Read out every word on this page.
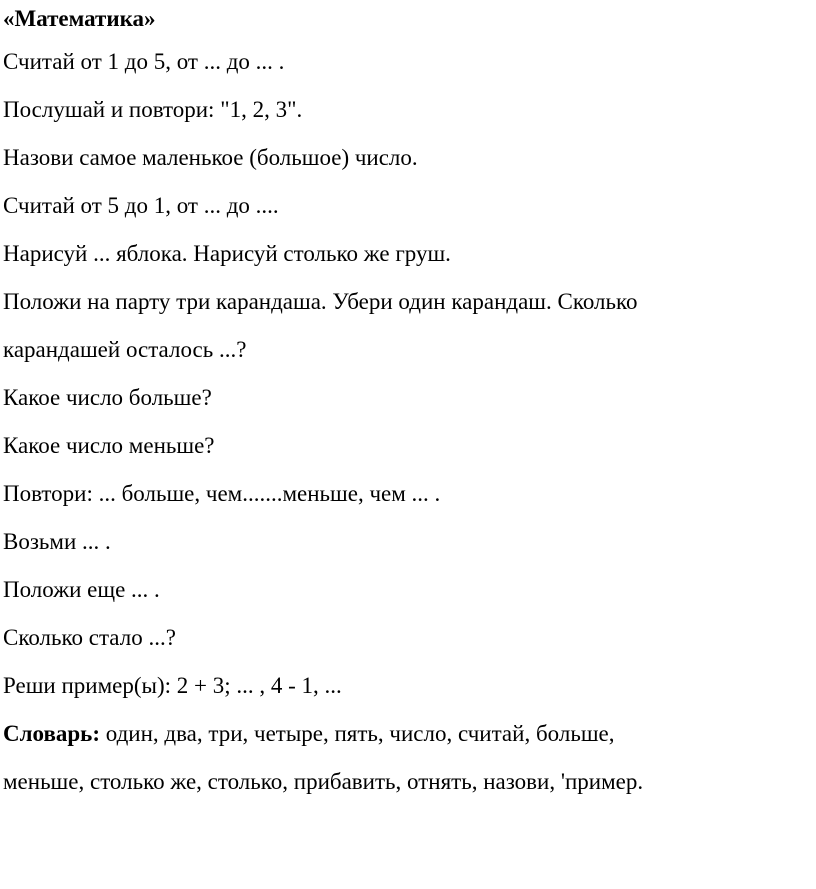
«Математика»
Считай от 1 до 5, от ... до ... .
Послушай и повтори: "1, 2, 3".
Назови самое маленькое (большое) число.
Считай от 5 до 1, от ... до ....
Нарисуй ... яблока. Нарисуй столько же груш.
Положи на парту три карандаша. Убери один карандаш. Сколько
карандашей осталось ...?
Какое число больше?
Какое число меньше?
Повтори: ... больше, чем.......меньше, чем ... .
Возьми ... .
Положи еще ... .
Сколько стало ...?
Реши пример(ы): 2 + 3; ... , 4 - 1, ...
Словарь: один, два, три, четыре, пять, число, считай, больше,
меньше, столько же, столько, прибавить, отнять, назови, 'пример.
